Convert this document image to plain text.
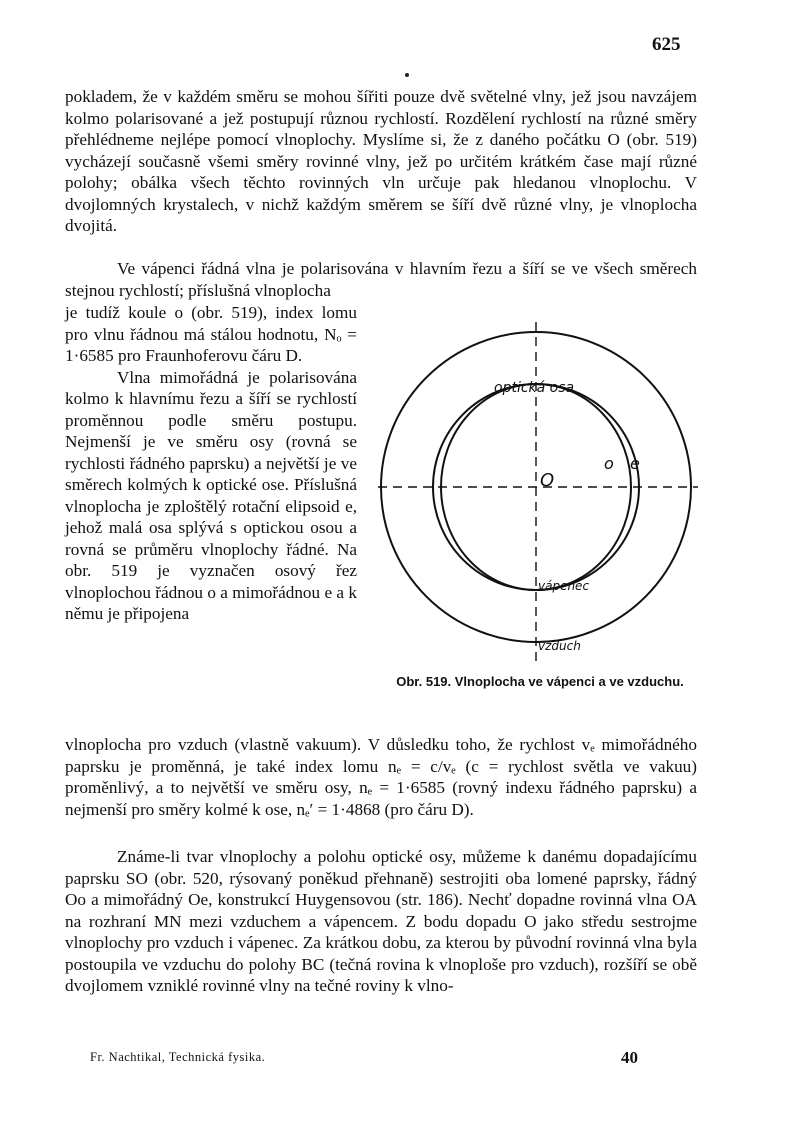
625
pokladem, že v každém směru se mohou šířiti pouze dvě světelné vlny, jež jsou navzájem kolmo polarisované a jež postupují různou rychlostí. Rozdělení rychlostí na různé směry přehlédneme nejlépe pomocí vlnoplochy. Myslíme si, že z daného počátku O (obr. 519) vycházejí současně všemi směry rovinné vlny, jež po určitém krátkém čase mají různé polohy; obálka všech těchto rovinných vln určuje pak hledanou vlnoplochu. V dvojlomných krystalech, v nichž každým směrem se šíří dvě různé vlny, je vlnoplocha dvojitá.
Ve vápenci řádná vlna je polarisována v hlavním řezu a šíří se ve všech směrech stejnou rychlostí; příslušná vlnoplocha
je tudíž koule o (obr. 519), index lomu pro vlnu řádnou má stálou hodnotu, Nₒ = 1·6585 pro Fraunhoferovu čáru D.
Vlna mimořádná je polarisována kolmo k hlavnímu řezu a šíří se rychlostí proměnnou podle směru postupu. Nejmenší je ve směru osy (rovná se rychlosti řádného paprsku) a největší je ve směrech kolmých k optické ose. Příslušná vlnoplocha je zploštělý rotační elipsoid e, jehož malá osa splývá s optickou osou a rovná se průměru vlnoplochy řádné. Na obr. 519 je vyznačen osový řez vlnoplochou řádnou o a mimořádnou e a k němu je připojena
optická osa
O
o e
vápenec
vzduch
Obr. 519. Vlnoplocha ve vápenci a ve vzduchu.
vlnoplocha pro vzduch (vlastně vakuum). V důsledku toho, že rychlost vₑ mimořádného paprsku je proměnná, je také index lomu nₑ = c/vₑ (c = rychlost světla ve vakuu) proměnlivý, a to největší ve směru osy, nₑ = 1·6585 (rovný indexu řádného paprsku) a nejmenší pro směry kolmé k ose, nₑ′ = 1·4868 (pro čáru D).
Známe-li tvar vlnoplochy a polohu optické osy, můžeme k danému dopadajícímu paprsku SO (obr. 520, rýsovaný poněkud přehnaně) sestrojiti oba lomené paprsky, řádný Oo a mimořádný Oe, konstrukcí Huygensovou (str. 186). Nechť dopadne rovinná vlna OA na rozhraní MN mezi vzduchem a vápencem. Z bodu dopadu O jako středu sestrojme vlnoplochy pro vzduch i vápenec. Za krátkou dobu, za kterou by původní rovinná vlna byla postoupila ve vzduchu do polohy BC (tečná rovina k vlnoploše pro vzduch), rozšíří se obě dvojlomem vzniklé rovinné vlny na tečné roviny k vlno-
Fr. Nachtikal, Technická fysika.	40
